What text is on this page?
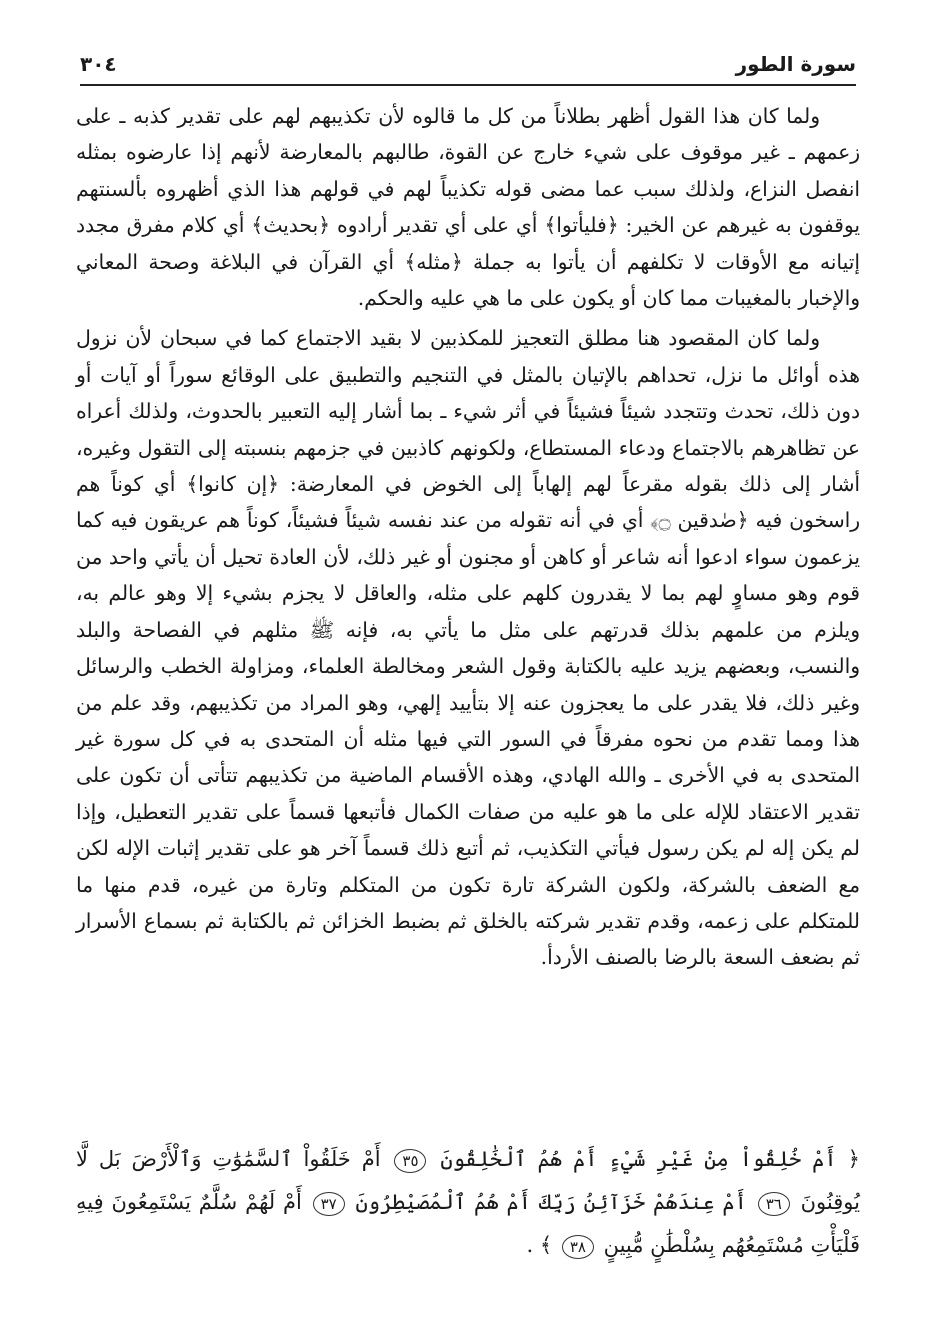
٣٠٤	سورة الطور

ولما كان هذا القول أظهر بطلاناً من كل ما قالوه لأن تكذيبهم لهم على تقدير كذبه ـ على زعمهم ـ غير موقوف على شيء خارج عن القوة، طالبهم بالمعارضة لأنهم إذا عارضوه بمثله انفصل النزاع، ولذلك سبب عما مضى قوله تكذيباً لهم في قولهم هذا الذي أظهروه بألسنتهم يوقفون به غيرهم عن الخير: ﴿فليأتوا﴾ أي على أي تقدير أرادوه ﴿بحديث﴾ أي كلام مفرق مجدد إتيانه مع الأوقات لا تكلفهم أن يأتوا به جملة ﴿مثله﴾ أي القرآن في البلاغة وصحة المعاني والإخبار بالمغيبات مما كان أو يكون على ما هي عليه والحكم.

ولما كان المقصود هنا مطلق التعجيز للمكذبين لا بقيد الاجتماع كما في سبحان لأن نزول هذه أوائل ما نزل، تحداهم بالإتيان بالمثل في التنجيم والتطبيق على الوقائع سوراً أو آيات أو دون ذلك، تحدث وتتجدد شيئاً فشيئاً في أثر شيء ـ بما أشار إليه التعبير بالحدوث، ولذلك أعراه عن تظاهرهم بالاجتماع ودعاء المستطاع، ولكونهم كاذبين في جزمهم بنسبته إلى التقول وغيره، أشار إلى ذلك بقوله مقرعاً لهم إلهاباً إلى الخوض في المعارضة: ﴿إن كانوا﴾ أي كوناً هم راسخون فيه ﴿صٰدقين ۝﴾ أي في أنه تقوله من عند نفسه شيئاً فشيئاً، كوناً هم عريقون فيه كما يزعمون سواء ادعوا أنه شاعر أو كاهن أو مجنون أو غير ذلك، لأن العادة تحيل أن يأتي واحد من قوم وهو مساوٍ لهم بما لا يقدرون كلهم على مثله، والعاقل لا يجزم بشيء إلا وهو عالم به، ويلزم من علمهم بذلك قدرتهم على مثل ما يأتي به، فإنه ﷺ مثلهم في الفصاحة والبلد والنسب، وبعضهم يزيد عليه بالكتابة وقول الشعر ومخالطة العلماء، ومزاولة الخطب والرسائل وغير ذلك، فلا يقدر على ما يعجزون عنه إلا بتأييد إلهي، وهو المراد من تكذيبهم، وقد علم من هذا ومما تقدم من نحوه مفرقاً في السور التي فيها مثله أن المتحدى به في كل سورة غير المتحدى به في الأخرى ـ والله الهادي، وهذه الأقسام الماضية من تكذيبهم تتأتى أن تكون على تقدير الاعتقاد للإله على ما هو عليه من صفات الكمال فأتبعها قسماً على تقدير التعطيل، وإذا لم يكن إله لم يكن رسول فيأتي التكذيب، ثم أتبع ذلك قسماً آخر هو على تقدير إثبات الإله لكن مع الضعف بالشركة، ولكون الشركة تارة تكون من المتكلم وتارة من غيره، قدم منها ما للمتكلم على زعمه، وقدم تقدير شركته بالخلق ثم بضبط الخزائن ثم بالكتابة ثم بسماع الأسرار ثم بضعف السعة بالرضا بالصنف الأردأ.

﴿ أَمْ خُلِقُواْ مِنْ غَيْرِ شَيْءٍ أَمْ هُمُ ٱلْخَٰلِقُونَ ٣٥ أَمْ خَلَقُواْ ٱلسَّمَٰوَٰتِ وَٱلْأَرْضَ بَل لَّا يُوقِنُونَ ٣٦ أَمْ عِندَهُمْ خَزَآئِنُ رَبِّكَ أَمْ هُمُ ٱلْمُصَيْطِرُونَ ٣٧ أَمْ لَهُمْ سُلَّمٌ يَسْتَمِعُونَ فِيهِ فَلْيَأْتِ مُسْتَمِعُهُم بِسُلْطَٰنٍ مُّبِينٍ ٣٨ ﴾ .
